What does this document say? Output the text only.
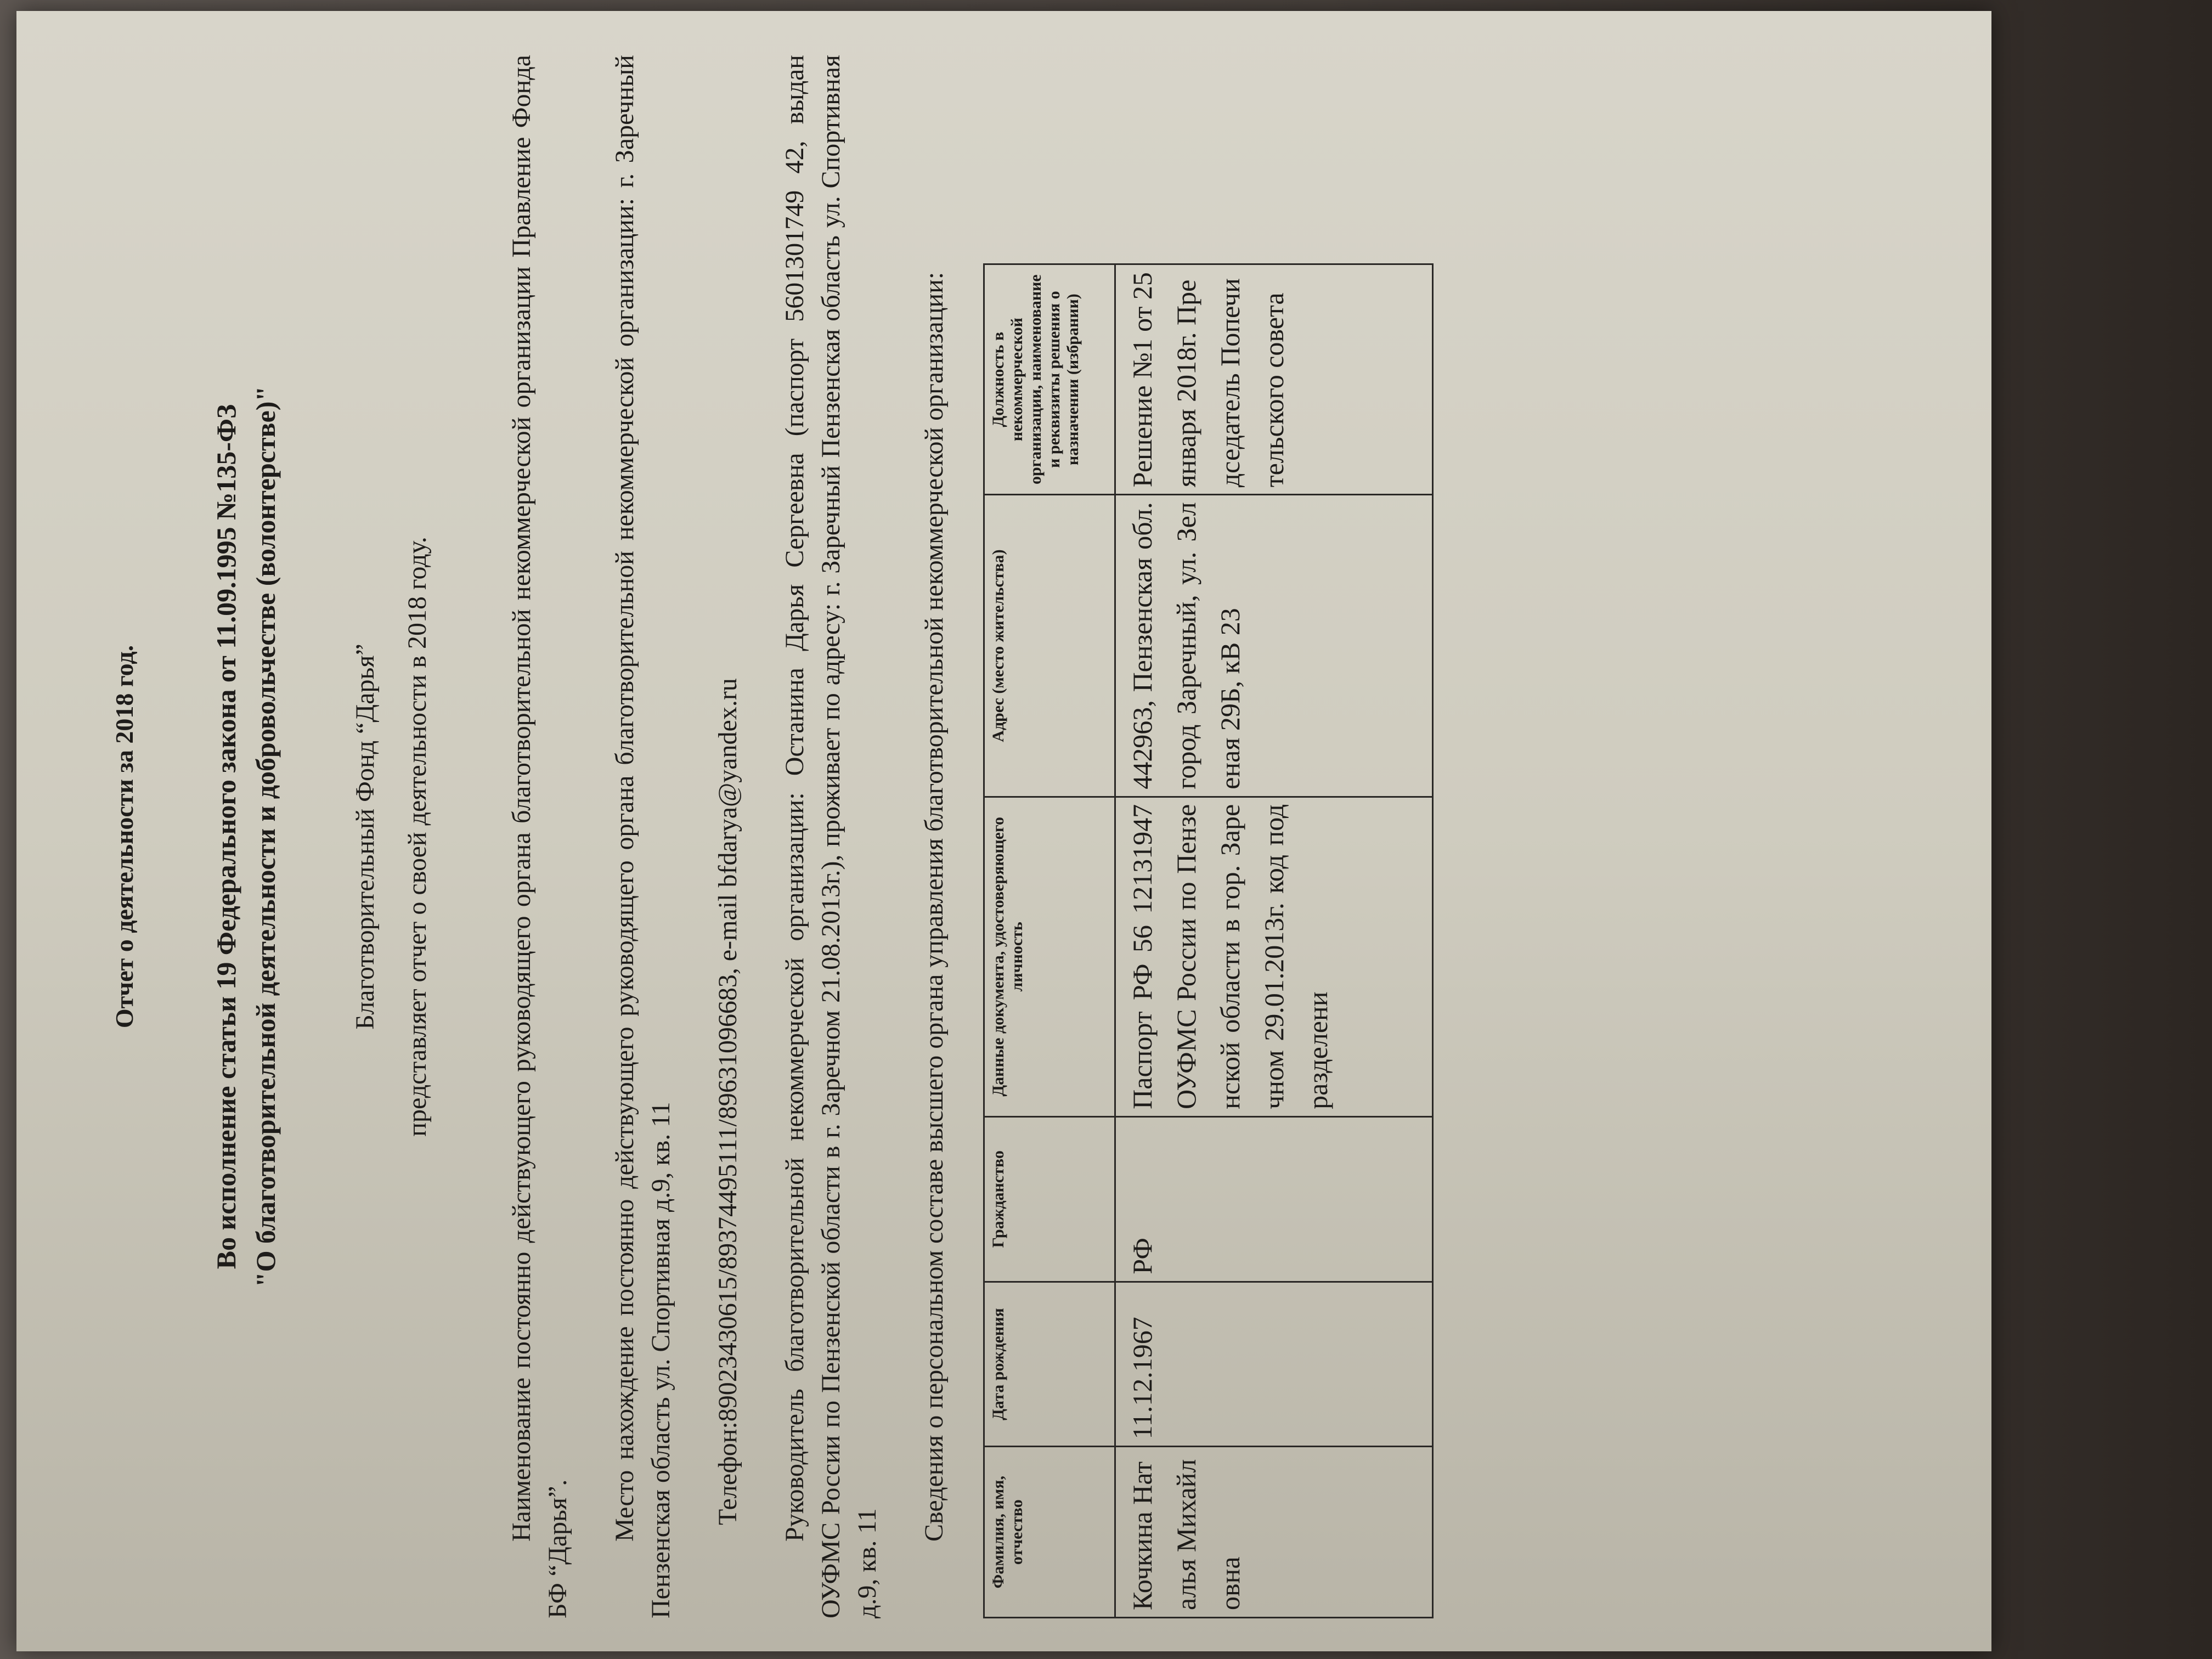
Отчет о деятельности за 2018 год.	Во исполнение статьи 19 Федерального закона от 11.09.1995 №135-ФЗ "О благотворительной деятельности и добровольчестве (волонтерстве)"	Благотворительный Фонд “Дарья” представляет отчет о своей деятельности в 2018 году.	Наименование постоянно действующего руководящего органа благотворительной некоммерческой организации Правление Фонда БФ “Дарья”.

Место нахождение постоянно действующего руководящего органа благотворительной некоммерческой организации: г. Заречный Пензенская область ул. Спортивная д.9, кв. 11 Телефон:89023430615/89374495111/89631096683, e-mail bfdarya@yandex.ru Руководитель благотворительной некоммерческой организации: Останина Дарья Сергеевна (паспорт 5601301749 42, выдан ОУФМС России по Пензенской области в г. Заречном 21.08.2013г.), проживает по адресу: г. Заречный Пензенская область ул. Спортивная д.9, кв. 11

Сведения о персональном составе высшего органа управления благотворительной некоммерческой организации: Фамилия, имя, отчество	Дата рождения	Гражданство	Данные документа, удостоверяющего личность	Адрес (место жительства)	Должность в некоммерческой организации, наименование и реквизиты решения о назначении (избрании)
Кочкина Наталья Михайловна	11.12.1967	РФ	Паспорт РФ 56 12131947 ОУФМС России по Пензенской области в гор. Заречном 29.01.2013г. код подразделени	442963, Пензенская обл.город Заречный, ул. Зеленая 29Б, кВ 23	Решение №1 от 25января 2018г. Председатель Попечительского совета
